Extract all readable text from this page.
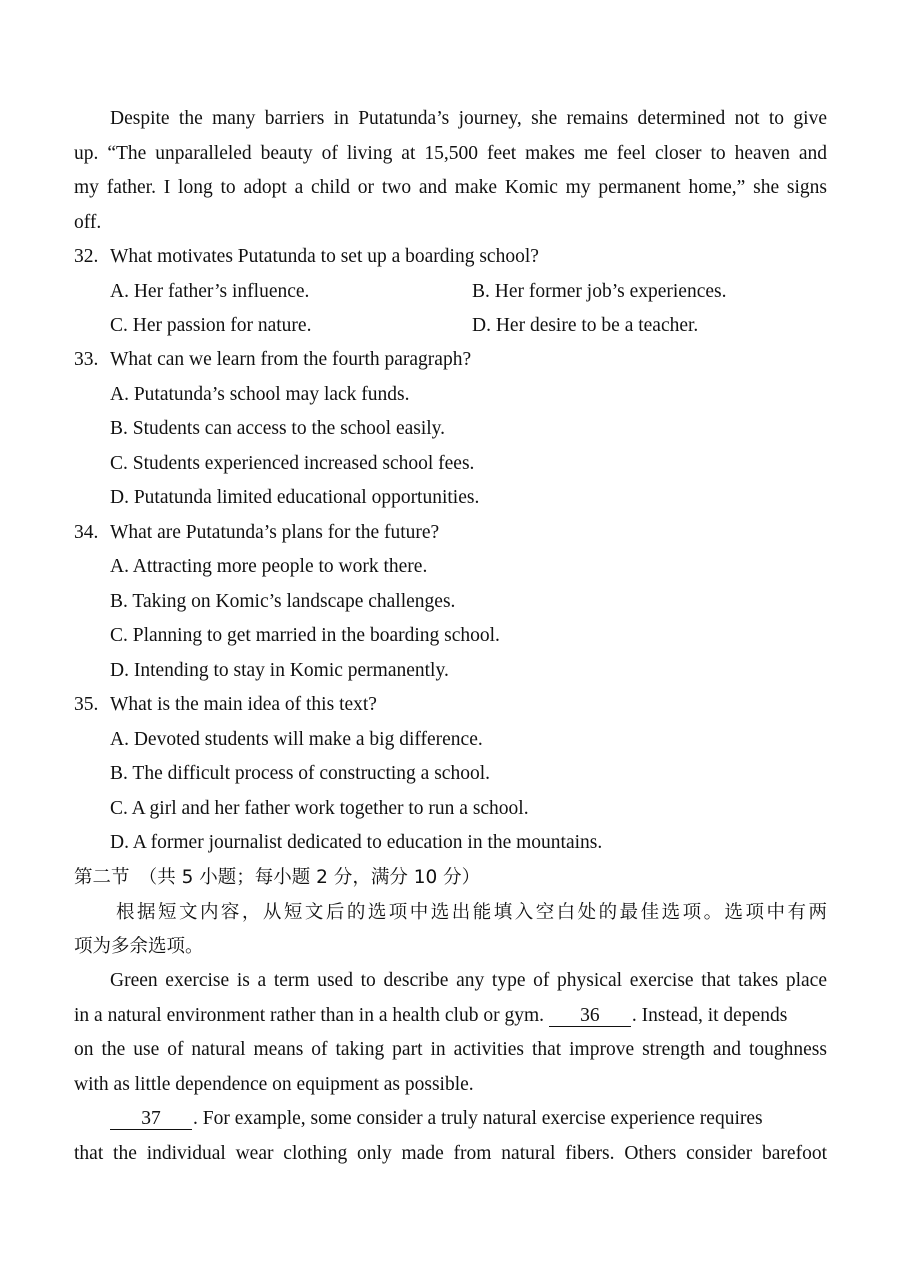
Despite the many barriers in Putatunda’s journey, she remains determined not to give
up. “The unparalleled beauty of living at 15,500 feet makes me feel closer to heaven and
my father. I long to adopt a child or two and make Komic my permanent home,” she signs
off.
32. What motivates Putatunda to set up a boarding school?
A. Her father’s influence.	B. Her former job’s experiences.
C. Her passion for nature.	D. Her desire to be a teacher.
33. What can we learn from the fourth paragraph?
A. Putatunda’s school may lack funds.
B. Students can access to the school easily.
C. Students experienced increased school fees.
D. Putatunda limited educational opportunities.
34. What are Putatunda’s plans for the future?
A. Attracting more people to work there.
B. Taking on Komic’s landscape challenges.
C. Planning to get married in the boarding school.
D. Intending to stay in Komic permanently.
35. What is the main idea of this text?
A. Devoted students will make a big difference.
B. The difficult process of constructing a school.
C. A girl and her father work together to run a school.
D. A former journalist dedicated to education in the mountains.
第二节　（共 5 小题；每小题 2 分，满分 10 分）
根据短文内容，从短文后的选项中选出能填入空白处的最佳选项。选项中有两
项为多余选项。
Green exercise is a term used to describe any type of physical exercise that takes place
in a natural environment rather than in a health club or gym. 36 . Instead, it depends
on the use of natural means of taking part in activities that improve strength and toughness
with as little dependence on equipment as possible.
37 . For example, some consider a truly natural exercise experience requires
that the individual wear clothing only made from natural fibers. Others consider barefoot
